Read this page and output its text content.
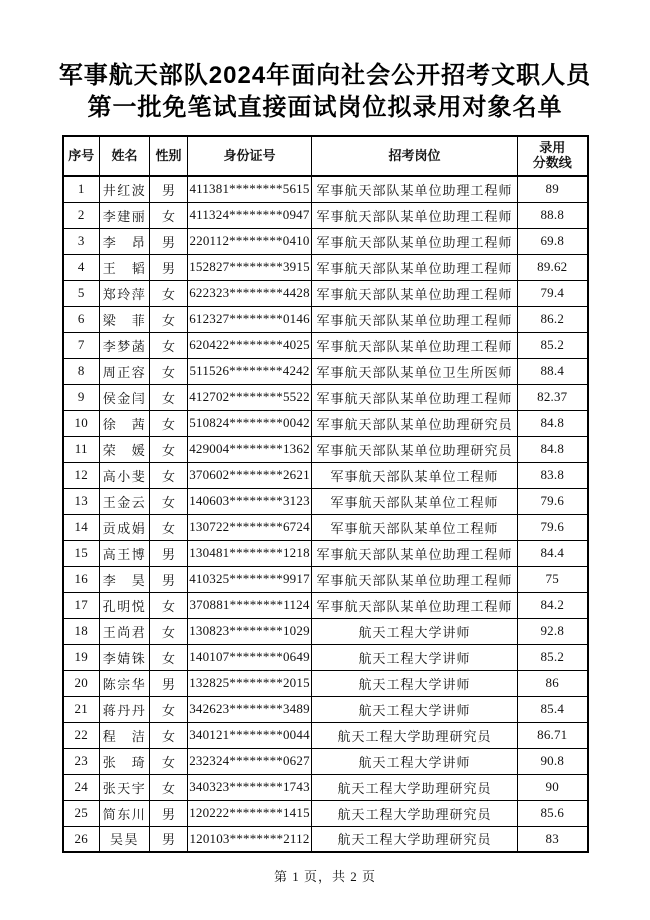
军事航天部队2024年面向社会公开招考文职人员
第一批免笔试直接面试岗位拟录用对象名单
序号	姓名	性别	身份证号	招考岗位	录用
分数线
1	井红波	男	411381********5615	军事航天部队某单位助理工程师	89
2	李建丽	女	411324********0947	军事航天部队某单位助理工程师	88.8
3	李　昂	男	220112********0410	军事航天部队某单位助理工程师	69.8
4	王　韬	男	152827********3915	军事航天部队某单位助理工程师	89.62
5	郑玲萍	女	622323********4428	军事航天部队某单位助理工程师	79.4
6	梁　菲	女	612327********0146	军事航天部队某单位助理工程师	86.2
7	李梦菡	女	620422********4025	军事航天部队某单位助理工程师	85.2
8	周正容	女	511526********4242	军事航天部队某单位卫生所医师	88.4
9	侯金闫	女	412702********5522	军事航天部队某单位助理工程师	82.37
10	徐　茜	女	510824********0042	军事航天部队某单位助理研究员	84.8
11	荣　媛	女	429004********1362	军事航天部队某单位助理研究员	84.8
12	高小斐	女	370602********2621	军事航天部队某单位工程师	83.8
13	王金云	女	140603********3123	军事航天部队某单位工程师	79.6
14	贡成娟	女	130722********6724	军事航天部队某单位工程师	79.6
15	高王博	男	130481********1218	军事航天部队某单位助理工程师	84.4
16	李　昊	男	410325********9917	军事航天部队某单位助理工程师	75
17	孔明悦	女	370881********1124	军事航天部队某单位助理工程师	84.2
18	王尚君	女	130823********1029	航天工程大学讲师	92.8
19	李婧铢	女	140107********0649	航天工程大学讲师	85.2
20	陈宗华	男	132825********2015	航天工程大学讲师	86
21	蒋丹丹	女	342623********3489	航天工程大学讲师	85.4
22	程　洁	女	340121********0044	航天工程大学助理研究员	86.71
23	张　琦	女	232324********0627	航天工程大学讲师	90.8
24	张天宇	女	340323********1743	航天工程大学助理研究员	90
25	简东川	男	120222********1415	航天工程大学助理研究员	85.6
26	吴昊	男	120103********2112	航天工程大学助理研究员	83
第 1 页，共 2 页
